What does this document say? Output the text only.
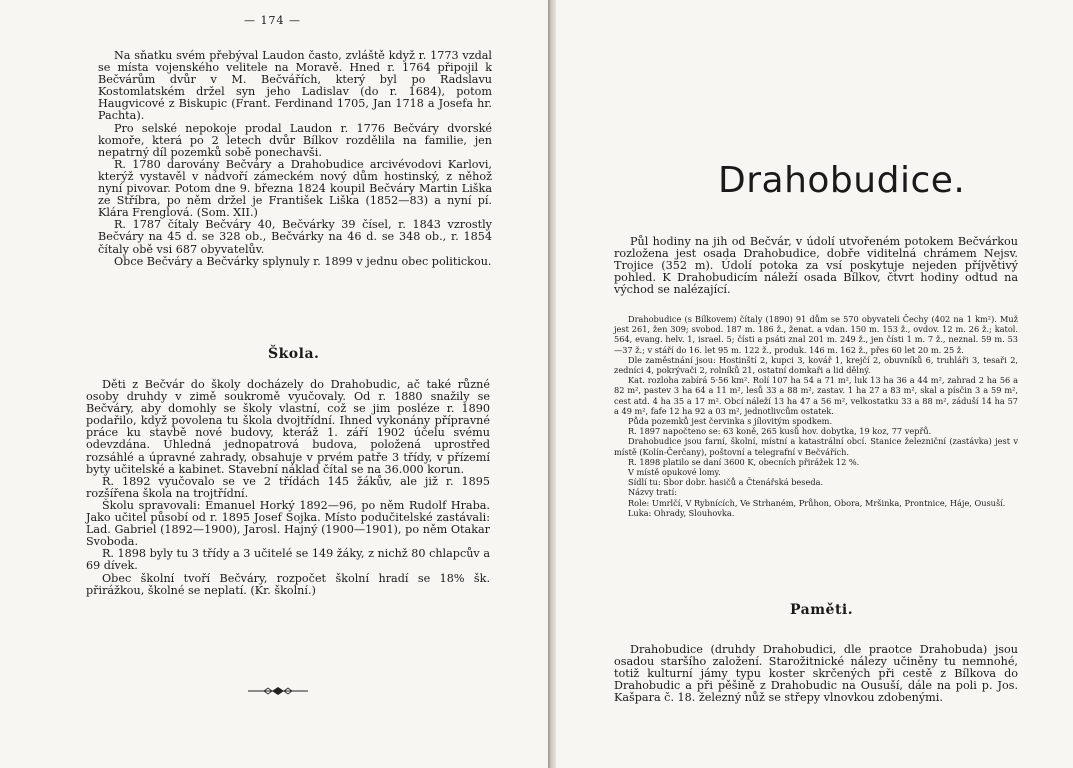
— 174 —

Na sňatku svém přebýval Laudon často, zvláště když r. 1773 vzdal se místa vojenského velitele na Moravě. Hned r. 1764 připojil k Bečvárům dvůr v M. Bečvářích, který byl po Radslavu Kostomlatském držel syn jeho Ladislav (do r. 1684), potom Haugvicové z Biskupic (Frant. Ferdinand 1705, Jan 1718 a Josefa hr. Pachta).

Pro selské nepokoje prodal Laudon r. 1776 Bečváry dvorské komoře, která po 2 letech dvůr Bílkov rozdělila na familie, jen nepatrný díl pozemků sobě ponechavši.

R. 1780 darovány Bečváry a Drahobudice arcivévodovi Karlovi, kterýž vystavěl v nádvoří zámeckém nový dům hostinský, z něhož nyní pivovar. Potom dne 9. března 1824 koupil Bečváry Martin Liška ze Stříbra, po něm držel je František Liška (1852—83) a nyní pí. Klára Frenglová. (Som. XII.)

R. 1787 čítaly Bečváry 40, Bečvárky 39 čísel, r. 1843 vzrostly Bečváry na 45 d. se 328 ob., Bečvárky na 46 d. se 348 ob., r. 1854 čítaly obě vsi 687 obyvatelův.

Obce Bečváry a Bečvárky splynuly r. 1899 v jednu obec politickou.

Škola.

Děti z Bečvár do školy docházely do Drahobudic, ač také různé osoby druhdy v zimě soukromě vyučovaly. Od r. 1880 snažily se Bečváry, aby domohly se školy vlastní, což se jim posléze r. 1890 podařilo, když povolena tu škola dvojtřídní. Ihned vykonány přípravné práce ku stavbě nové budovy, kteráž 1. září 1902 účelu svému odevzdána. Úhledná jednopatrová budova, položená uprostřed rozsáhlé a úpravné zahrady, obsahuje v prvém patře 3 třídy, v přízemí byty učitelské a kabinet. Stavební náklad čítal se na 36.000 korun.

R. 1892 vyučovalo se ve 2 třídách 145 žákův, ale již r. 1895 rozšířena škola na trojtřídní.

Školu spravovali: Emanuel Horký 1892—96, po něm Rudolf Hraba. Jako učitel působí od r. 1895 Josef Sojka. Místo podučitelské zastávali: Lad. Gabriel (1892—1900), Jarosl. Hajný (1900—1901), po něm Otakar Svoboda.

R. 1898 byly tu 3 třídy a 3 učitelé se 149 žáky, z nichž 80 chlapcův a 69 dívek.

Obec školní tvoří Bečváry, rozpočet školní hradí se 18% šk. přirážkou, školné se neplatí. (Kr. školní.)

Drahobudice.

Půl hodiny na jih od Bečvár, v údolí utvořeném potokem Bečvárkou rozložena jest osada Drahobudice, dobře viditelná chrámem Nejsv. Trojice (352 m). Údolí potoka za vsí poskytuje nejeden příjvětivý pohled. K Drahobudicím náleží osada Bílkov, čtvrt hodiny odtud na východ se nalézající.

Drahobudice (s Bílkovem) čítaly (1890) 91 dům se 570 obyvateli Čechy (402 na 1 km²). Muž jest 261, žen 309; svobod. 187 m. 186 ž., ženat. a vdan. 150 m. 153 ž., ovdov. 12 m. 26 ž.; katol. 564, evang. helv. 1, israel. 5; čísti a psáti znal 201 m. 249 ž., jen čísti 1 m. 7 ž., neznal. 59 m. 53—37 ž.; v stáří do 16. let 95 m. 122 ž., produk. 146 m. 162 ž., přes 60 let 20 m. 25 ž.

Dle zaměstnání jsou: Hostinští 2, kupci 3, kovář 1, krejčí 2, obuvníků 6, truhláři 3, tesaři 2, zedníci 4, pokrývači 2, rolníků 21, ostatní domkaři a lid dělný.

Kat. rozloha zabírá 5·56 km². Rolí 107 ha 54 a 71 m², luk 13 ha 36 a 44 m², zahrad 2 ha 56 a 82 m², pastev 3 ha 64 a 11 m², lesů 33 a 88 m², zastav. 1 ha 27 a 83 m², skal a písčin 3 a 59 m², cest atd. 4 ha 35 a 17 m². Obcí náleží 13 ha 47 a 56 m², velkostatku 33 a 88 m², záduší 14 ha 57 a 49 m², fafe 12 ha 92 a 03 m², jednotlivcům ostatek.

Půda pozemků jest červinka s jílovitým spodkem.

R. 1897 napočteno se: 63 koně, 265 kusů hov. dobytka, 19 koz, 77 vepřů.

Drahobudice jsou farní, školní, místní a katastrální obcí. Stanice železniční (zastávka) jest v místě (Kolín-Čerčany), poštovní a telegrafní v Bečvářích.

R. 1898 platilo se daní 3600 K, obecních přirážek 12 %.

V místě opukové lomy.

Sídlí tu: Sbor dobr. hasičů a Čtenářská beseda.

Názvy tratí:

Role: Umrlčí, V Rybnících, Ve Strhaném, Průhon, Obora, Mršinka, Prontnice, Háje, Ousuší.

Luka: Ohrady, Slouhovka.

Paměti.

Drahobudice (druhdy Drahobudici, dle praotce Drahobuda) jsou osadou staršího založení. Starožitnické nálezy učiněny tu nemnohé, totiž kulturní jámy typu koster skrčených při cestě z Bílkova do Drahobudic a při pěšině z Drahobudic na Ousuší, dále na poli p. Jos. Kašpara č. 18. železný nůž se střepy vlnovkou zdobenými.
